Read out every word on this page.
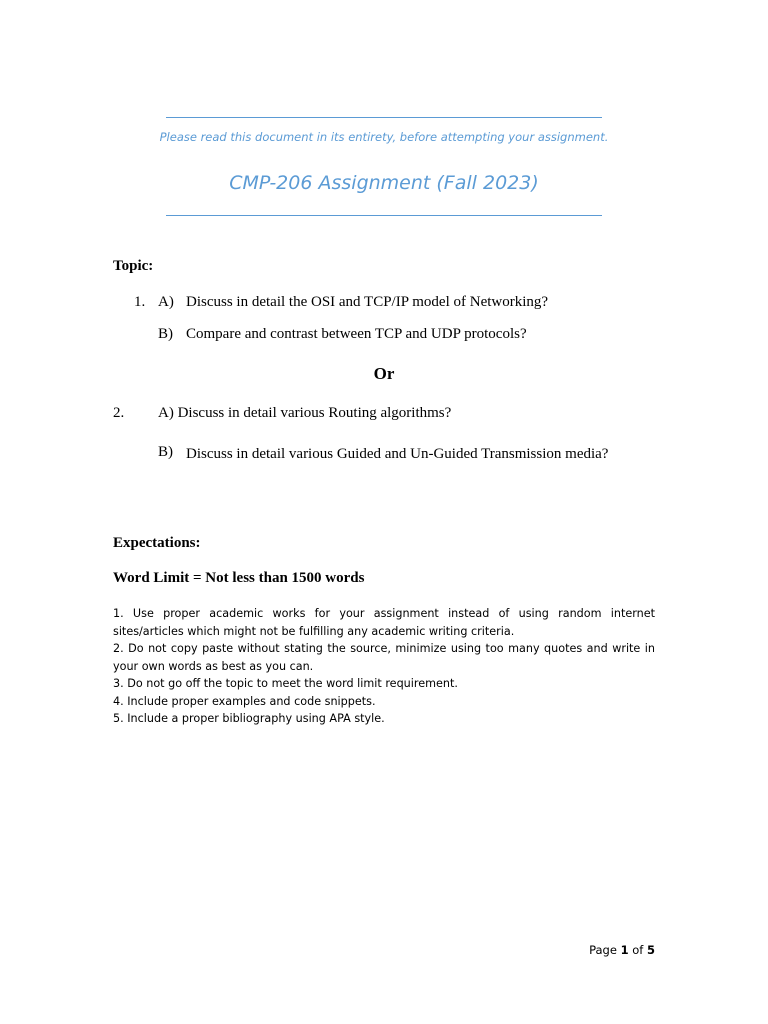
Please read this document in its entirety, before attempting your assignment.
CMP-206 Assignment (Fall 2023)
Topic:
1. A) Discuss in detail the OSI and TCP/IP model of Networking?
B) Compare and contrast between TCP and UDP protocols?
Or
2. A) Discuss in detail various Routing algorithms?
B) Discuss in detail various Guided and Un-Guided Transmission media?
Expectations:
Word Limit = Not less than 1500 words
1. Use proper academic works for your assignment instead of using random internet sites/articles which might not be fulfilling any academic writing criteria.
2. Do not copy paste without stating the source, minimize using too many quotes and write in your own words as best as you can.
3. Do not go off the topic to meet the word limit requirement.
4. Include proper examples and code snippets.
5. Include a proper bibliography using APA style.
Page 1 of 5
